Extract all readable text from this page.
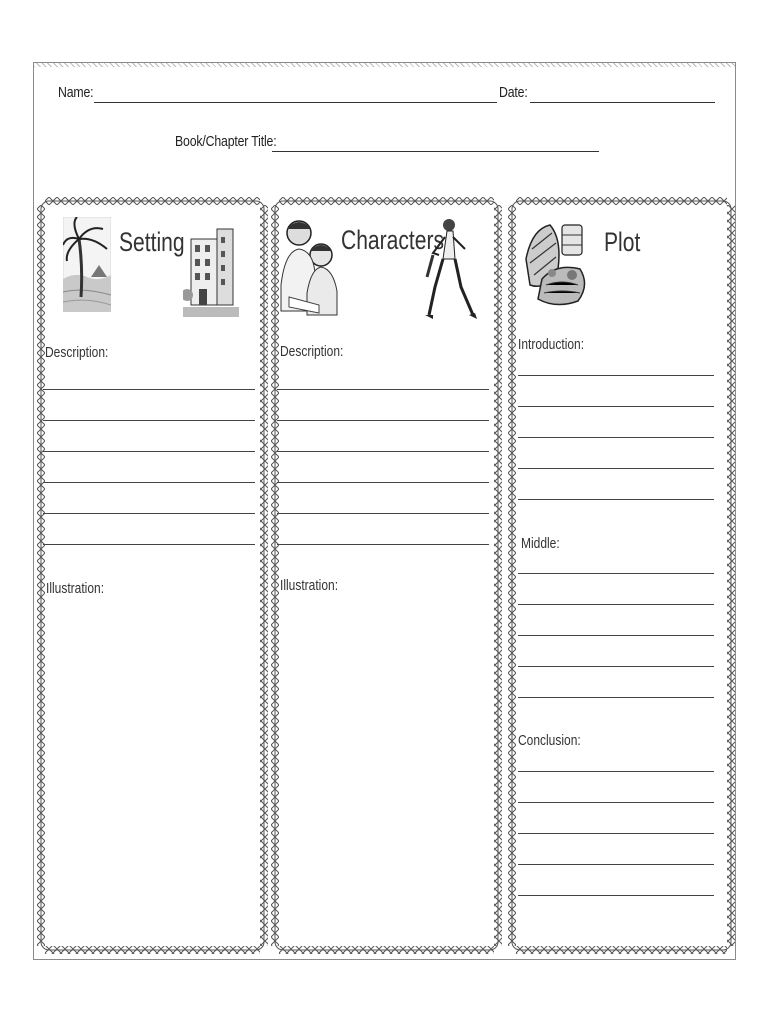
Name:	Date:
Book/Chapter Title:
Setting
Description:
Illustration:
Characters
Description:
Illustration:
Plot
Introduction:
Middle:
Conclusion:
